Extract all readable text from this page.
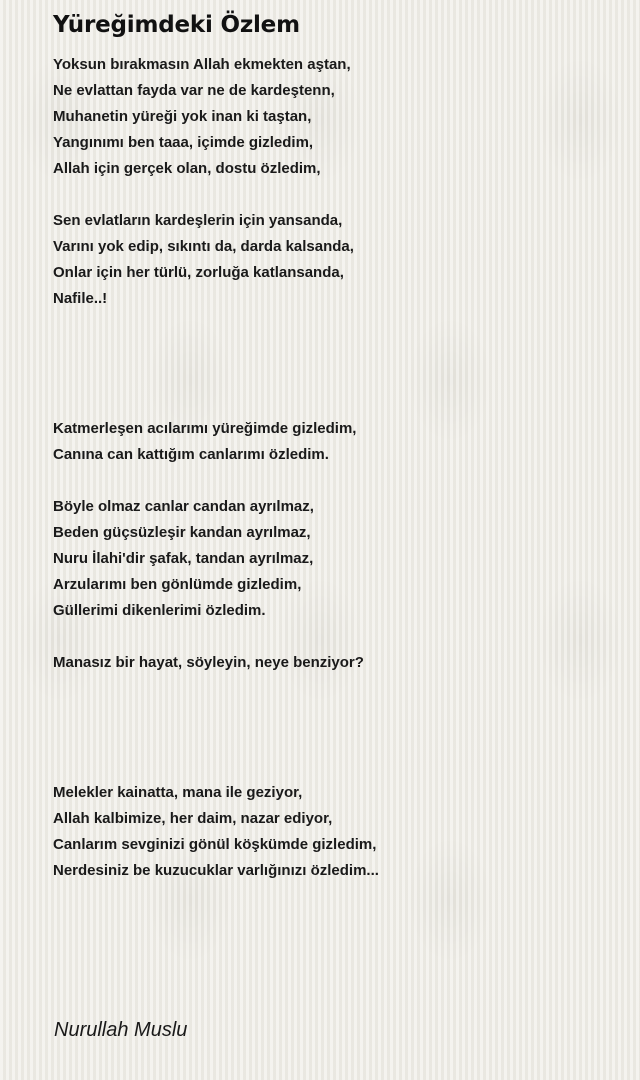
Yüreğimdeki Özlem
Yoksun bırakmasın Allah ekmekten aştan,
Ne evlattan fayda var ne de kardeştenn,
Muhanetin yüreği yok inan ki taştan,
Yangınımı ben taaa, içimde gizledim,
Allah için gerçek olan, dostu özledim,
Sen evlatların kardeşlerin için yansanda,
Varını yok edip, sıkıntı da, darda kalsanda,
Onlar için her türlü, zorluğa katlansanda,
Nafile..!
Katmerleşen acılarımı yüreğimde gizledim,
Canına can kattığım canlarımı özledim.
Böyle olmaz canlar candan ayrılmaz,
Beden güçsüzleşir kandan ayrılmaz,
Nuru İlahi'dir şafak, tandan ayrılmaz,
Arzularımı ben gönlümde gizledim,
Güllerimi dikenlerimi özledim.
Manasız bir hayat, söyleyin, neye benziyor?
Melekler kainatta, mana ile geziyor,
Allah kalbimize, her daim, nazar ediyor,
Canlarım sevginizi gönül köşkümde gizledim,
Nerdesiniz be kuzucuklar varlığınızı özledim...
Nurullah Muslu
